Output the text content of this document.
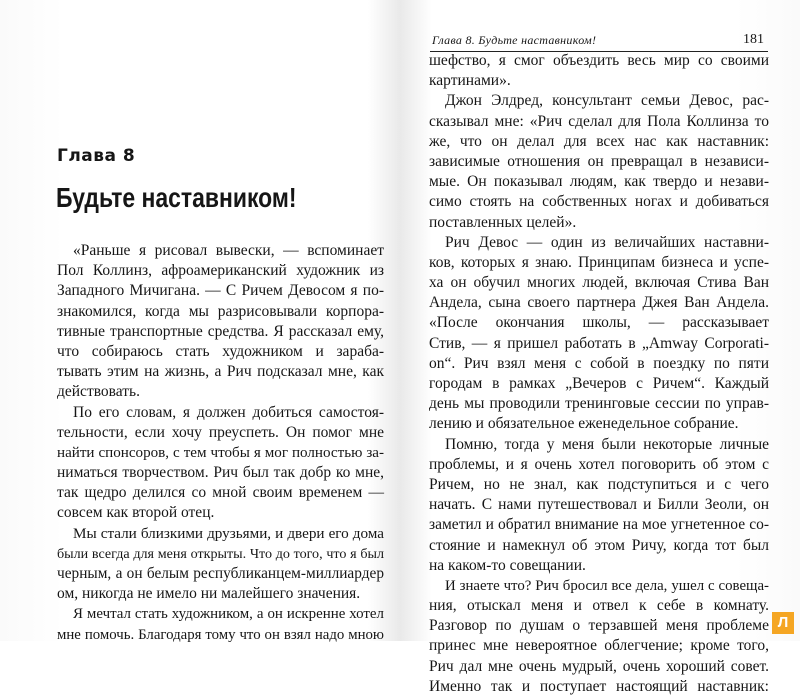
Глава 8
Будьте наставником!
«Раньше я рисовал вывески, — вспоминает
Пол Коллинз, афроамериканский художник из
Западного Мичигана. — С Ричем Девосом я по-
знакомился, когда мы разрисовывали корпора-
тивные транспортные средства. Я рассказал ему,
что собираюсь стать художником и зараба-
тывать этим на жизнь, а Рич подсказал мне, как
действовать.
По его словам, я должен добиться самостоя-
тельности, если хочу преуспеть. Он помог мне
найти спонсоров, с тем чтобы я мог полностью за-
ниматься творчеством. Рич был так добр ко мне,
так щедро делился со мной своим временем —
совсем как второй отец.
Мы стали близкими друзьями, и двери его дома
были всегда для меня открыты. Что до того, что я был
черным, а он белым республиканцем-миллиардер
ом, никогда не имело ни малейшего значения.
Я мечтал стать художником, а он искренне хотел
мне помочь. Благодаря тому что он взял надо мною
Глава 8. Будьте наставником!	181
шефство, я смог объездить весь мир со своими
картинами».
Джон Элдред, консультант семьи Девос, рас-
сказывал мне: «Рич сделал для Пола Коллинза то
же, что он делал для всех нас как наставник:
зависимые отношения он превращал в независи-
мые. Он показывал людям, как твердо и незави-
симо стоять на собственных ногах и добиваться
поставленных целей».
Рич Девос — один из величайших наставни-
ков, которых я знаю. Принципам бизнеса и успе-
ха он обучил многих людей, включая Стива Ван
Андела, сына своего партнера Джея Ван Андела.
«После окончания школы, — рассказывает
Стив, — я пришел работать в „Amway Corporati-
on“. Рич взял меня с собой в поездку по пяти
городам в рамках „Вечеров с Ричем“. Каждый
день мы проводили тренинговые сессии по управ-
лению и обязательное еженедельное собрание.
Помню, тогда у меня были некоторые личные
проблемы, и я очень хотел поговорить об этом с
Ричем, но не знал, как подступиться и с чего
начать. С нами путешествовал и Билли Зеоли, он
заметил и обратил внимание на мое угнетенное со-
стояние и намекнул об этом Ричу, когда тот был
на каком-то совещании.
И знаете что? Рич бросил все дела, ушел с совеща-
ния, отыскал меня и отвел к себе в комнату.
Разговор по душам о терзавшей меня проблеме
принес мне невероятное облегчение; кроме того,
Рич дал мне очень мудрый, очень хороший совет.
Именно так и поступает настоящий наставник:
Л
